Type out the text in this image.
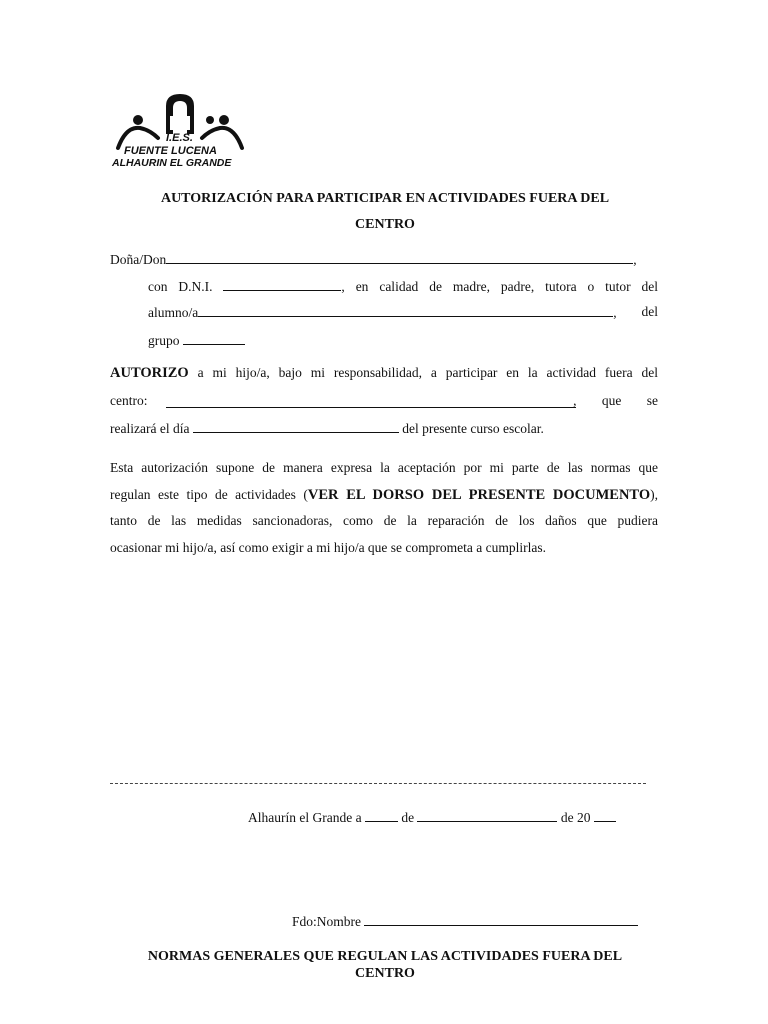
I.E.S.
FUENTE LUCENA
ALHAURIN EL GRANDE
AUTORIZACIÓN PARA PARTICIPAR EN ACTIVIDADES FUERA DEL
CENTRO
Doña/Don	,
con D.N.I.	, en calidad de madre, padre, tutora o tutor del
alumno/a	, del
grupo
AUTORIZO a mi hijo/a, bajo mi responsabilidad, a participar en la actividad fuera del
centro:	, que se
realizará el día	del presente curso escolar.
Esta autorización supone de manera expresa la aceptación por mi parte de las normas que
regulan este tipo de actividades (VER EL DORSO DEL PRESENTE DOCUMENTO),
tanto de las medidas sancionadoras, como de la reparación de los daños que pudiera
ocasionar mi hijo/a, así como exigir a mi hijo/a que se comprometa a cumplirlas.
Alhaurín el Grande a	de	de 20
Fdo:Nombre
NORMAS GENERALES QUE REGULAN LAS ACTIVIDADES FUERA DEL
CENTRO
